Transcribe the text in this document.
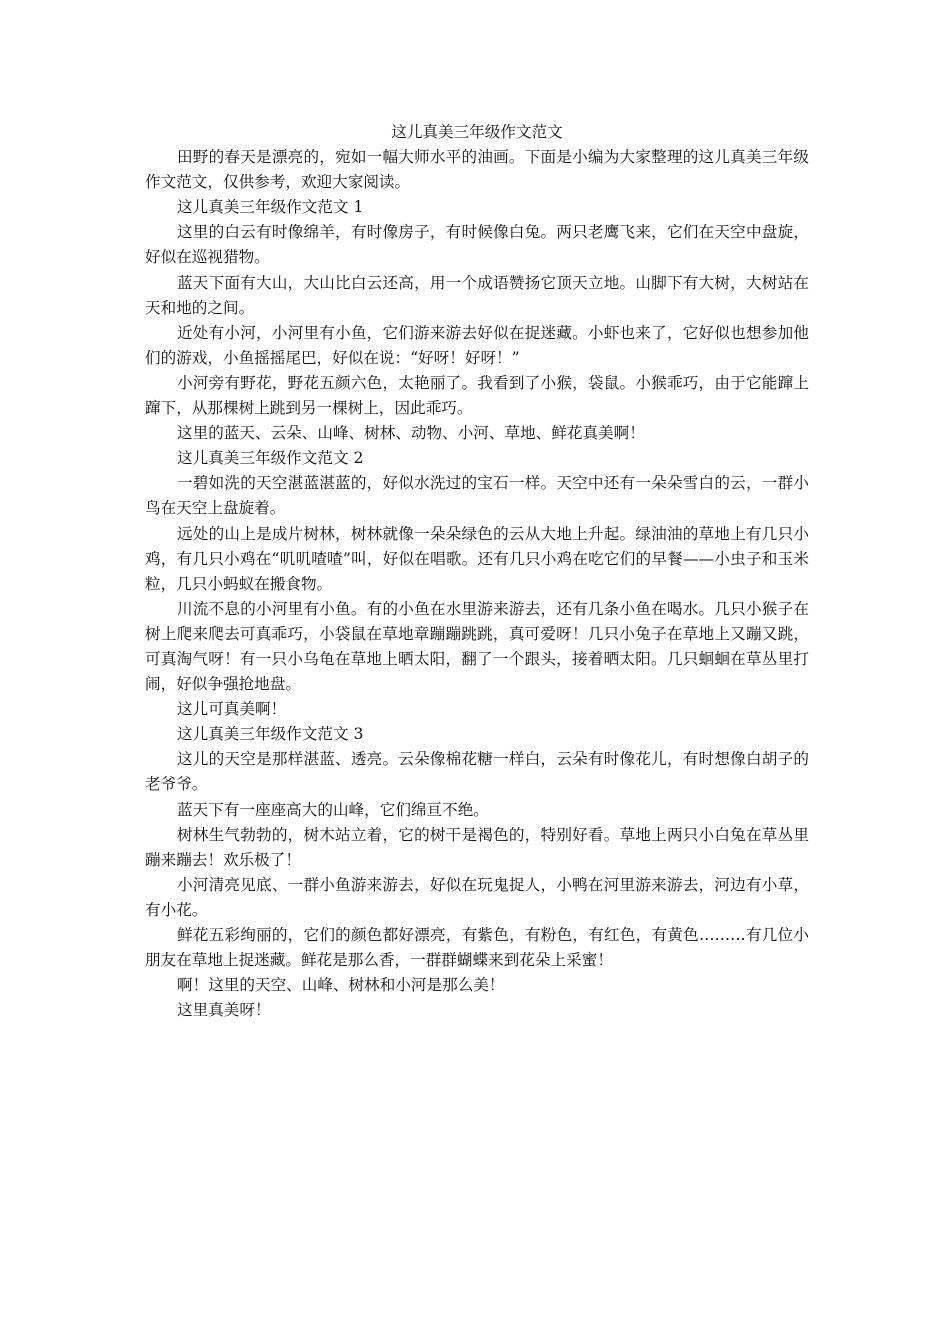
这儿真美三年级作文范文

田野的春天是漂亮的，宛如一幅大师水平的油画。下面是小编为大家整理的这儿真美三年级作文范文，仅供参考，欢迎大家阅读。

这儿真美三年级作文范文 1

这里的白云有时像绵羊，有时像房子，有时候像白兔。两只老鹰飞来，它们在天空中盘旋，好似在巡视猎物。

蓝天下面有大山，大山比白云还高，用一个成语赞扬它顶天立地。山脚下有大树，大树站在天和地的之间。

近处有小河，小河里有小鱼，它们游来游去好似在捉迷藏。小虾也来了，它好似也想参加他们的游戏，小鱼摇摇尾巴，好似在说：“好呀！好呀！”

小河旁有野花，野花五颜六色，太艳丽了。我看到了小猴，袋鼠。小猴乖巧，由于它能蹿上蹿下，从那棵树上跳到另一棵树上，因此乖巧。

这里的蓝天、云朵、山峰、树林、动物、小河、草地、鲜花真美啊！

这儿真美三年级作文范文 2

一碧如洗的天空湛蓝湛蓝的，好似水洗过的宝石一样。天空中还有一朵朵雪白的云，一群小鸟在天空上盘旋着。

远处的山上是成片树林，树林就像一朵朵绿色的云从大地上升起。绿油油的草地上有几只小鸡，有几只小鸡在“叽叽喳喳”叫，好似在唱歌。还有几只小鸡在吃它们的早餐——小虫子和玉米粒，几只小蚂蚁在搬食物。

川流不息的小河里有小鱼。有的小鱼在水里游来游去，还有几条小鱼在喝水。几只小猴子在树上爬来爬去可真乖巧，小袋鼠在草地章蹦蹦跳跳，真可爱呀！几只小兔子在草地上又蹦又跳，可真淘气呀！有一只小乌龟在草地上晒太阳，翻了一个跟头，接着晒太阳。几只蛔蛔在草丛里打闹，好似争强抢地盘。

这儿可真美啊！

这儿真美三年级作文范文 3

这儿的天空是那样湛蓝、透亮。云朵像棉花糖一样白，云朵有时像花儿，有时想像白胡子的老爷爷。

蓝天下有一座座高大的山峰，它们绵亘不绝。

树林生气勃勃的，树木站立着，它的树干是褐色的，特别好看。草地上两只小白兔在草丛里蹦来蹦去！欢乐极了！

小河清亮见底、一群小鱼游来游去，好似在玩鬼捉人，小鸭在河里游来游去，河边有小草，有小花。

鲜花五彩绚丽的，它们的颜色都好漂亮，有紫色，有粉色，有红色，有黄色………有几位小朋友在草地上捉迷藏。鲜花是那么香，一群群蝴蝶来到花朵上采蜜！

啊！这里的天空、山峰、树林和小河是那么美！

这里真美呀！
